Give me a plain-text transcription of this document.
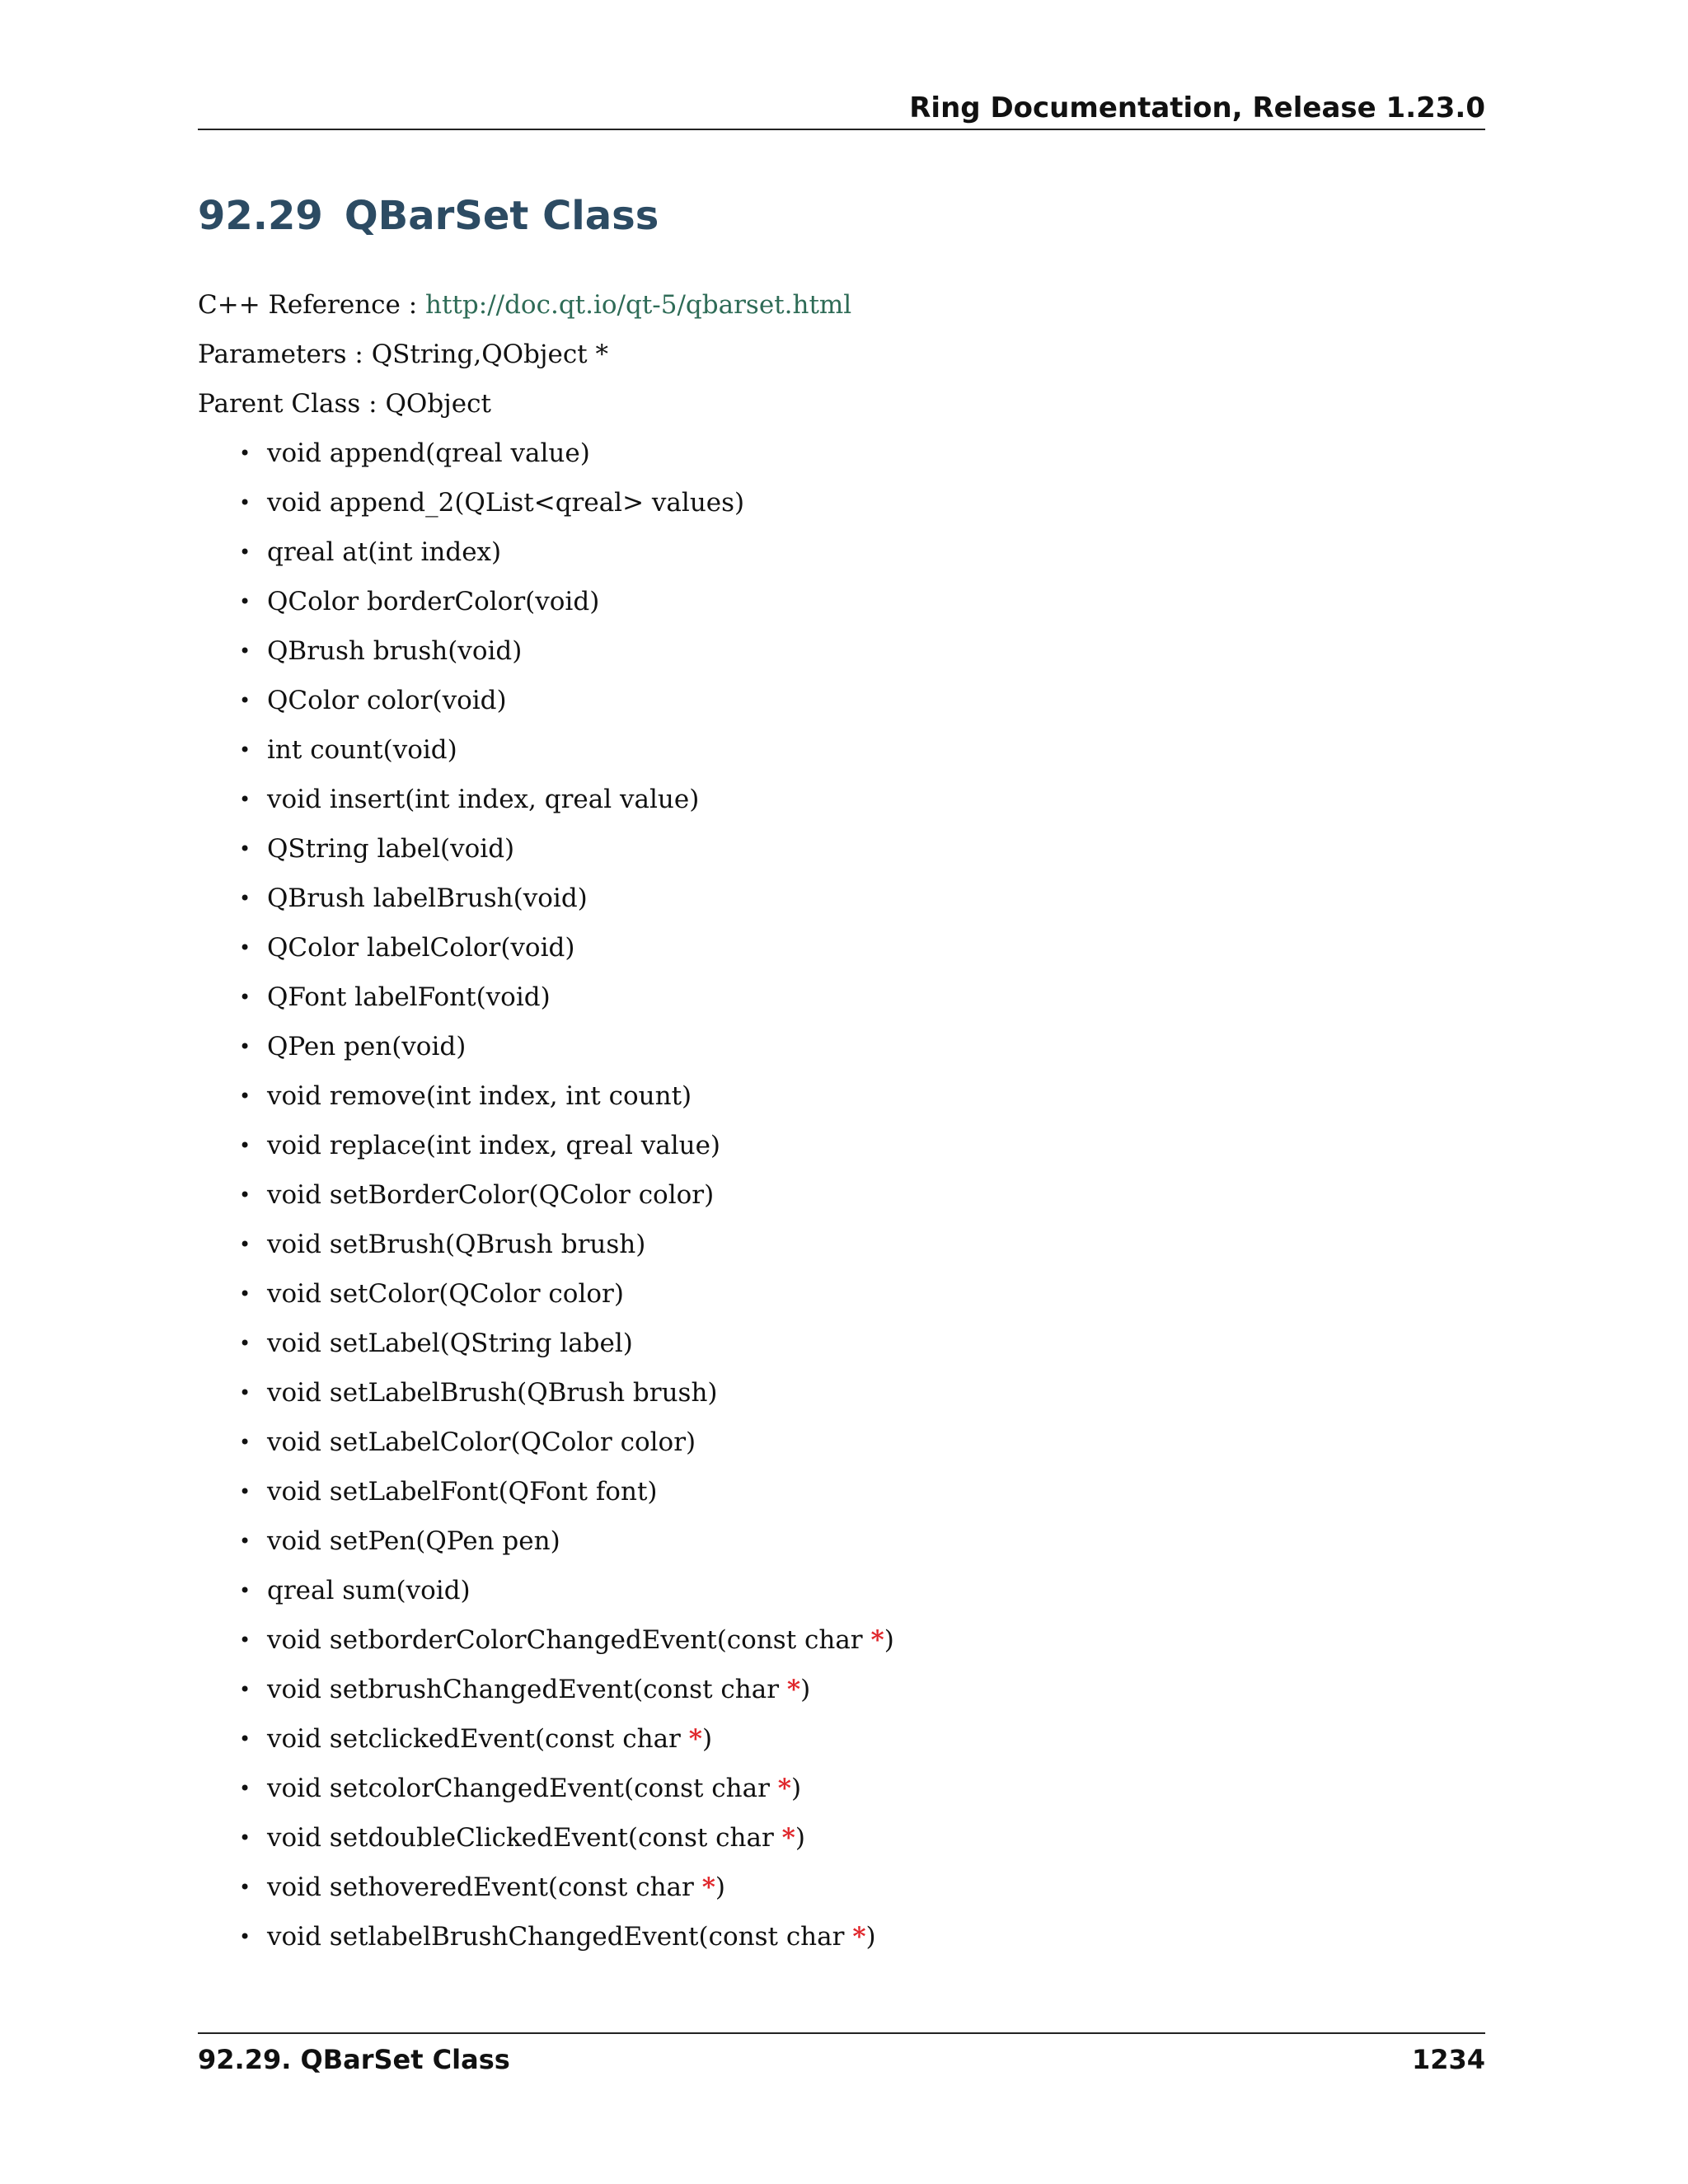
Ring Documentation, Release 1.23.0
92.29 QBarSet Class
C++ Reference : http://doc.qt.io/qt-5/qbarset.html
Parameters : QString,QObject *
Parent Class : QObject
• void append(qreal value)
• void append_2(QList<qreal> values)
• qreal at(int index)
• QColor borderColor(void)
• QBrush brush(void)
• QColor color(void)
• int count(void)
• void insert(int index, qreal value)
• QString label(void)
• QBrush labelBrush(void)
• QColor labelColor(void)
• QFont labelFont(void)
• QPen pen(void)
• void remove(int index, int count)
• void replace(int index, qreal value)
• void setBorderColor(QColor color)
• void setBrush(QBrush brush)
• void setColor(QColor color)
• void setLabel(QString label)
• void setLabelBrush(QBrush brush)
• void setLabelColor(QColor color)
• void setLabelFont(QFont font)
• void setPen(QPen pen)
• qreal sum(void)
• void setborderColorChangedEvent(const char *)
• void setbrushChangedEvent(const char *)
• void setclickedEvent(const char *)
• void setcolorChangedEvent(const char *)
• void setdoubleClickedEvent(const char *)
• void sethoveredEvent(const char *)
• void setlabelBrushChangedEvent(const char *)
92.29. QBarSet Class	1234
